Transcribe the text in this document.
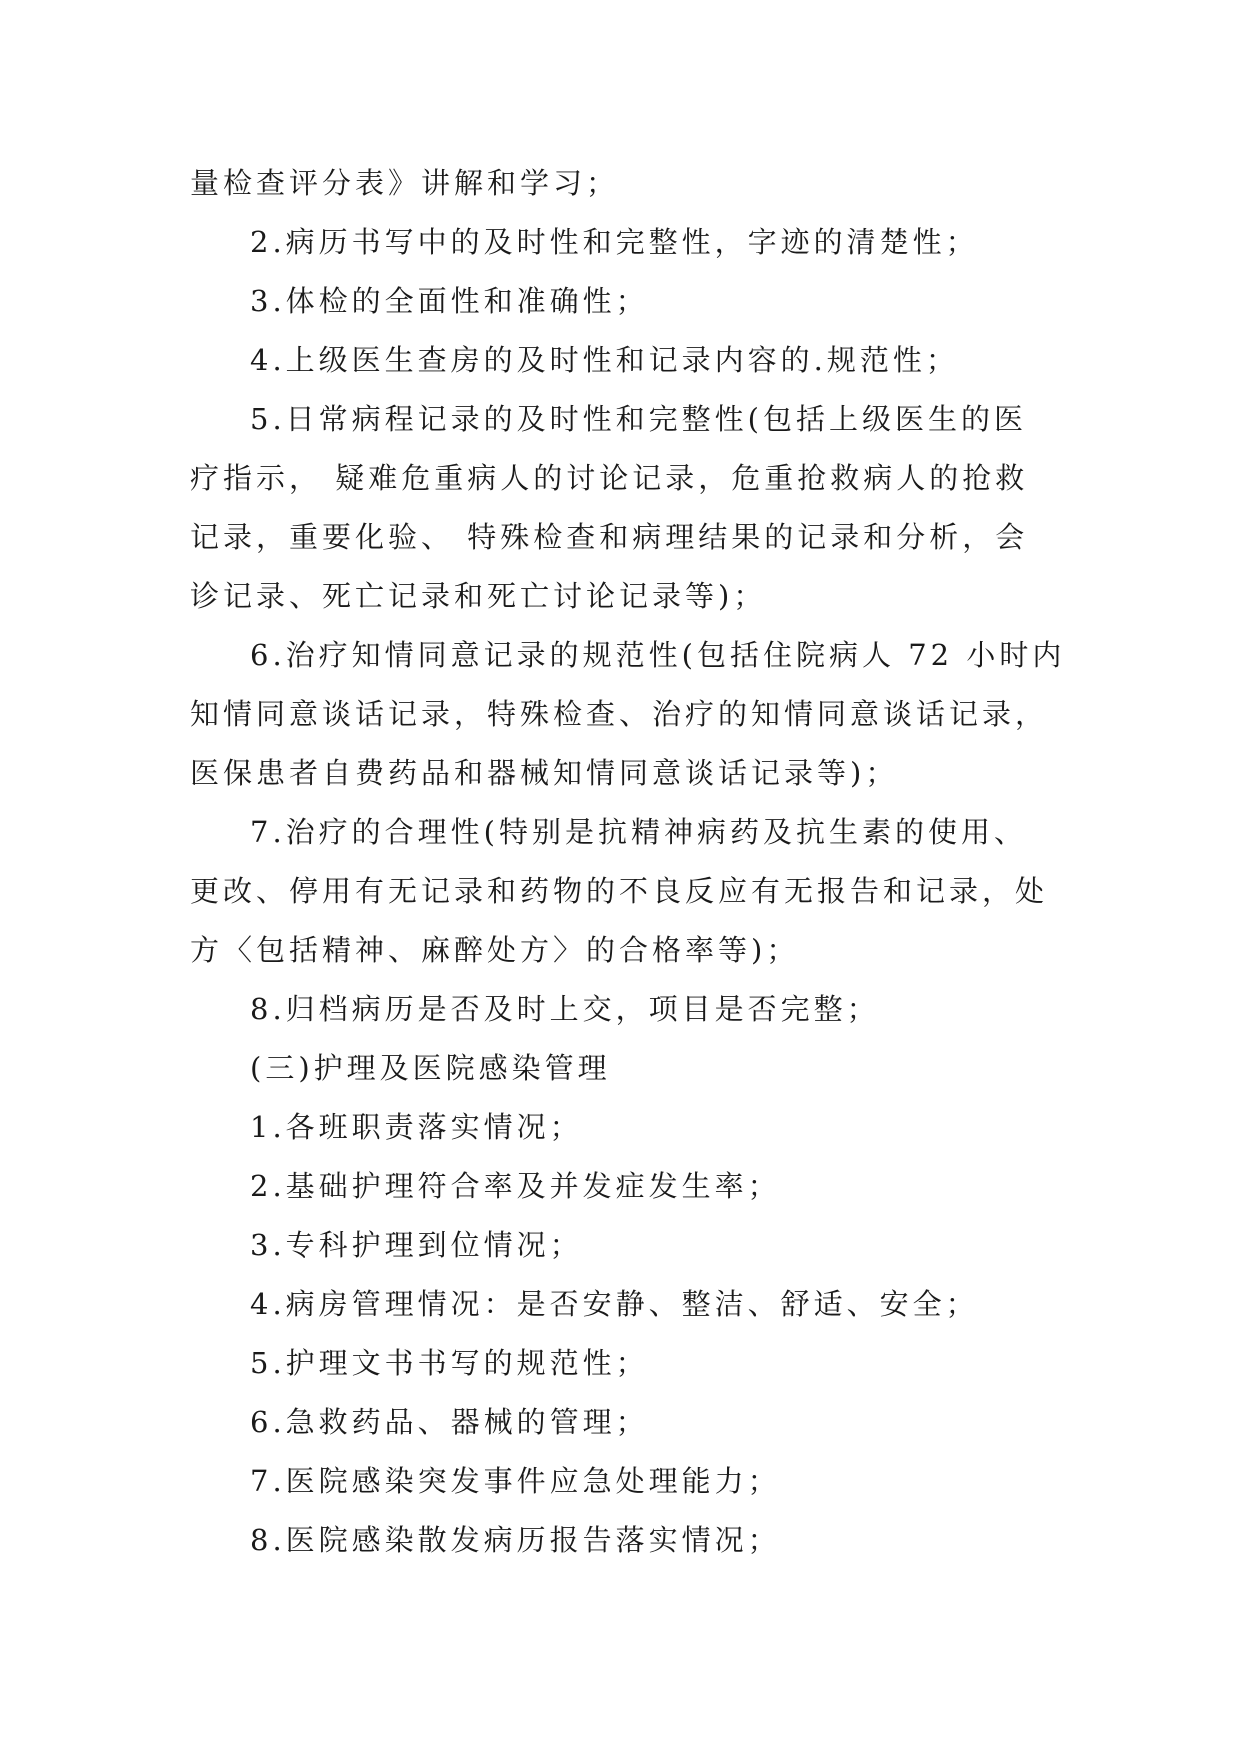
量检查评分表》讲解和学习；
2.病历书写中的及时性和完整性，字迹的清楚性；
3.体检的全面性和准确性；
4.上级医生查房的及时性和记录内容的.规范性；
5.日常病程记录的及时性和完整性(包括上级医生的医
疗指示， 疑难危重病人的讨论记录，危重抢救病人的抢救
记录，重要化验、 特殊检查和病理结果的记录和分析，会
诊记录、死亡记录和死亡讨论记录等)；
6.治疗知情同意记录的规范性(包括住院病人 72 小时内
知情同意谈话记录，特殊检查、治疗的知情同意谈话记录，
医保患者自费药品和器械知情同意谈话记录等)；
7.治疗的合理性(特别是抗精神病药及抗生素的使用、
更改、停用有无记录和药物的不良反应有无报告和记录，处
方〈包括精神、麻醉处方〉的合格率等)；
8.归档病历是否及时上交，项目是否完整；
(三)护理及医院感染管理
1.各班职责落实情况；
2.基础护理符合率及并发症发生率；
3.专科护理到位情况；
4.病房管理情况：是否安静、整洁、舒适、安全；
5.护理文书书写的规范性；
6.急救药品、器械的管理；
7.医院感染突发事件应急处理能力；
8.医院感染散发病历报告落实情况；
